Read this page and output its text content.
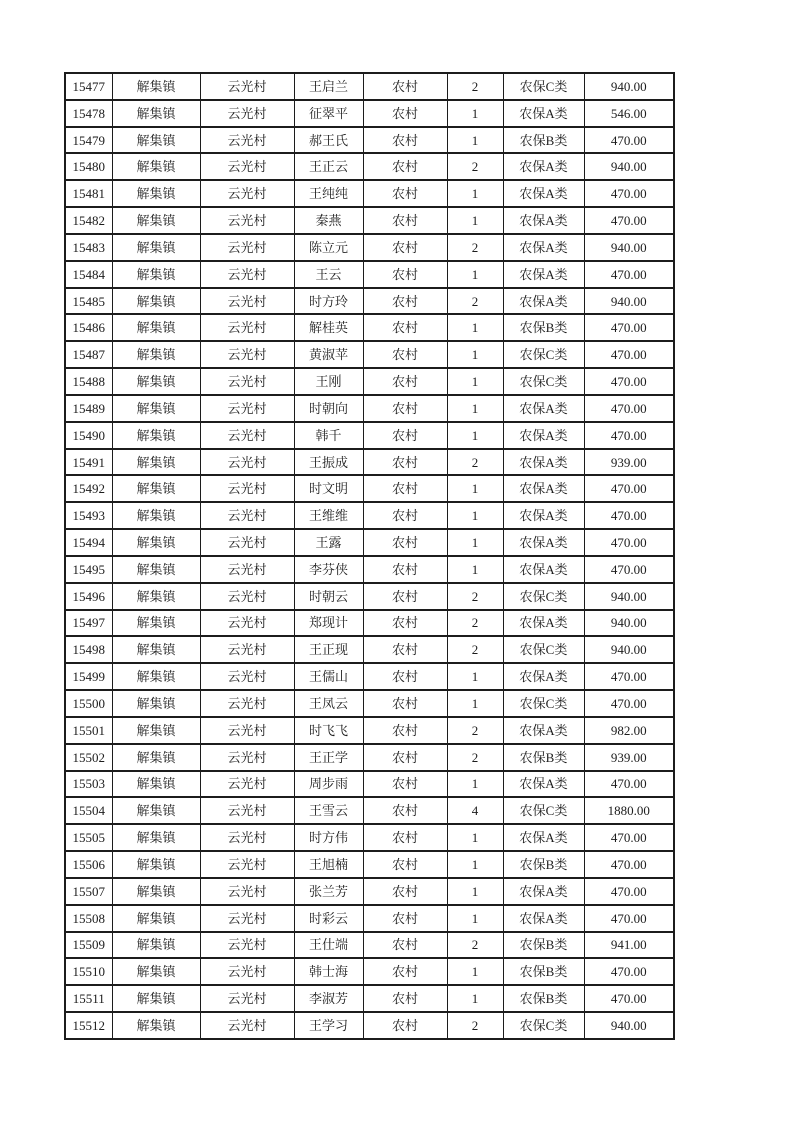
15477	解集镇	云光村	王启兰	农村	2	农保C类	940.00
15478	解集镇	云光村	征翠平	农村	1	农保A类	546.00
15479	解集镇	云光村	郝王氏	农村	1	农保B类	470.00
15480	解集镇	云光村	王正云	农村	2	农保A类	940.00
15481	解集镇	云光村	王纯纯	农村	1	农保A类	470.00
15482	解集镇	云光村	秦燕	农村	1	农保A类	470.00
15483	解集镇	云光村	陈立元	农村	2	农保A类	940.00
15484	解集镇	云光村	王云	农村	1	农保A类	470.00
15485	解集镇	云光村	时方玲	农村	2	农保A类	940.00
15486	解集镇	云光村	解桂英	农村	1	农保B类	470.00
15487	解集镇	云光村	黄淑苹	农村	1	农保C类	470.00
15488	解集镇	云光村	王刚	农村	1	农保C类	470.00
15489	解集镇	云光村	时朝向	农村	1	农保A类	470.00
15490	解集镇	云光村	韩千	农村	1	农保A类	470.00
15491	解集镇	云光村	王振成	农村	2	农保A类	939.00
15492	解集镇	云光村	时文明	农村	1	农保A类	470.00
15493	解集镇	云光村	王维维	农村	1	农保A类	470.00
15494	解集镇	云光村	王露	农村	1	农保A类	470.00
15495	解集镇	云光村	李芬侠	农村	1	农保A类	470.00
15496	解集镇	云光村	时朝云	农村	2	农保C类	940.00
15497	解集镇	云光村	郑现计	农村	2	农保A类	940.00
15498	解集镇	云光村	王正现	农村	2	农保C类	940.00
15499	解集镇	云光村	王儒山	农村	1	农保A类	470.00
15500	解集镇	云光村	王凤云	农村	1	农保C类	470.00
15501	解集镇	云光村	时飞飞	农村	2	农保A类	982.00
15502	解集镇	云光村	王正学	农村	2	农保B类	939.00
15503	解集镇	云光村	周步雨	农村	1	农保A类	470.00
15504	解集镇	云光村	王雪云	农村	4	农保C类	1880.00
15505	解集镇	云光村	时方伟	农村	1	农保A类	470.00
15506	解集镇	云光村	王旭楠	农村	1	农保B类	470.00
15507	解集镇	云光村	张兰芳	农村	1	农保A类	470.00
15508	解集镇	云光村	时彩云	农村	1	农保A类	470.00
15509	解集镇	云光村	王仕端	农村	2	农保B类	941.00
15510	解集镇	云光村	韩士海	农村	1	农保B类	470.00
15511	解集镇	云光村	李淑芳	农村	1	农保B类	470.00
15512	解集镇	云光村	王学习	农村	2	农保C类	940.00
